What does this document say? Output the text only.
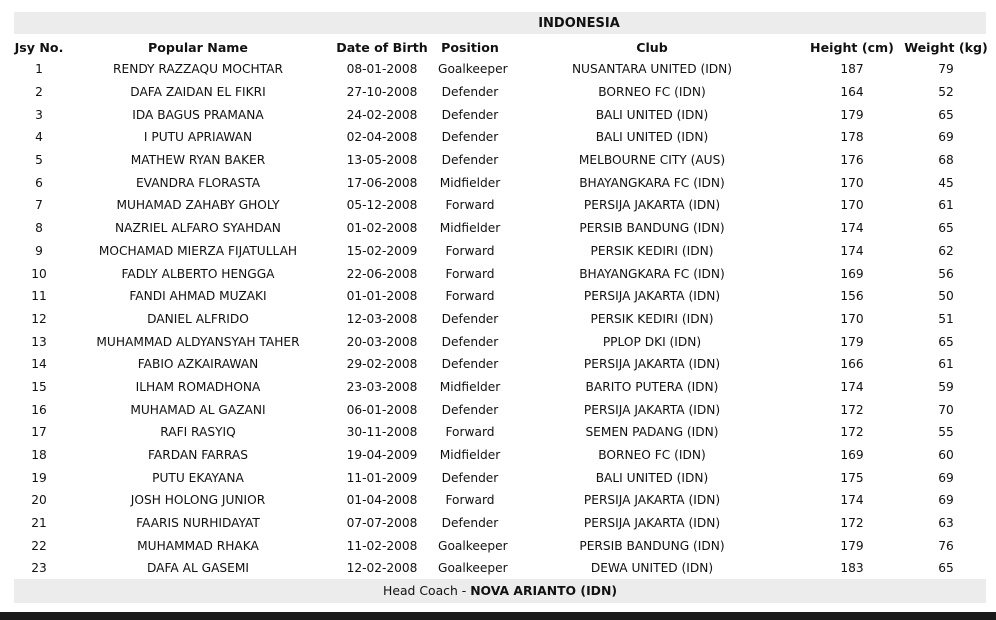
INDONESIA
Jsy No.	Popular Name	Date of Birth	Position	Club	Height (cm)	Weight (kg)
1	RENDY RAZZAQU MOCHTAR	08-01-2008	Goalkeeper	NUSANTARA UNITED (IDN)	187	79
2	DAFA ZAIDAN EL FIKRI	27-10-2008	Defender	BORNEO FC (IDN)	164	52
3	IDA BAGUS PRAMANA	24-02-2008	Defender	BALI UNITED (IDN)	179	65
4	I PUTU APRIAWAN	02-04-2008	Defender	BALI UNITED (IDN)	178	69
5	MATHEW RYAN BAKER	13-05-2008	Defender	MELBOURNE CITY (AUS)	176	68
6	EVANDRA FLORASTA	17-06-2008	Midfielder	BHAYANGKARA FC (IDN)	170	45
7	MUHAMAD ZAHABY GHOLY	05-12-2008	Forward	PERSIJA JAKARTA (IDN)	170	61
8	NAZRIEL ALFARO SYAHDAN	01-02-2008	Midfielder	PERSIB BANDUNG (IDN)	174	65
9	MOCHAMAD MIERZA FIJATULLAH	15-02-2009	Forward	PERSIK KEDIRI (IDN)	174	62
10	FADLY ALBERTO HENGGA	22-06-2008	Forward	BHAYANGKARA FC (IDN)	169	56
11	FANDI AHMAD MUZAKI	01-01-2008	Forward	PERSIJA JAKARTA (IDN)	156	50
12	DANIEL ALFRIDO	12-03-2008	Defender	PERSIK KEDIRI (IDN)	170	51
13	MUHAMMAD ALDYANSYAH TAHER	20-03-2008	Defender	PPLOP DKI (IDN)	179	65
14	FABIO AZKAIRAWAN	29-02-2008	Defender	PERSIJA JAKARTA (IDN)	166	61
15	ILHAM ROMADHONA	23-03-2008	Midfielder	BARITO PUTERA (IDN)	174	59
16	MUHAMAD AL GAZANI	06-01-2008	Defender	PERSIJA JAKARTA (IDN)	172	70
17	RAFI RASYIQ	30-11-2008	Forward	SEMEN PADANG (IDN)	172	55
18	FARDAN FARRAS	19-04-2009	Midfielder	BORNEO FC (IDN)	169	60
19	PUTU EKAYANA	11-01-2009	Defender	BALI UNITED (IDN)	175	69
20	JOSH HOLONG JUNIOR	01-04-2008	Forward	PERSIJA JAKARTA (IDN)	174	69
21	FAARIS NURHIDAYAT	07-07-2008	Defender	PERSIJA JAKARTA (IDN)	172	63
22	MUHAMMAD RHAKA	11-02-2008	Goalkeeper	PERSIB BANDUNG (IDN)	179	76
23	DAFA AL GASEMI	12-02-2008	Goalkeeper	DEWA UNITED (IDN)	183	65
Head Coach - NOVA ARIANTO (IDN)
